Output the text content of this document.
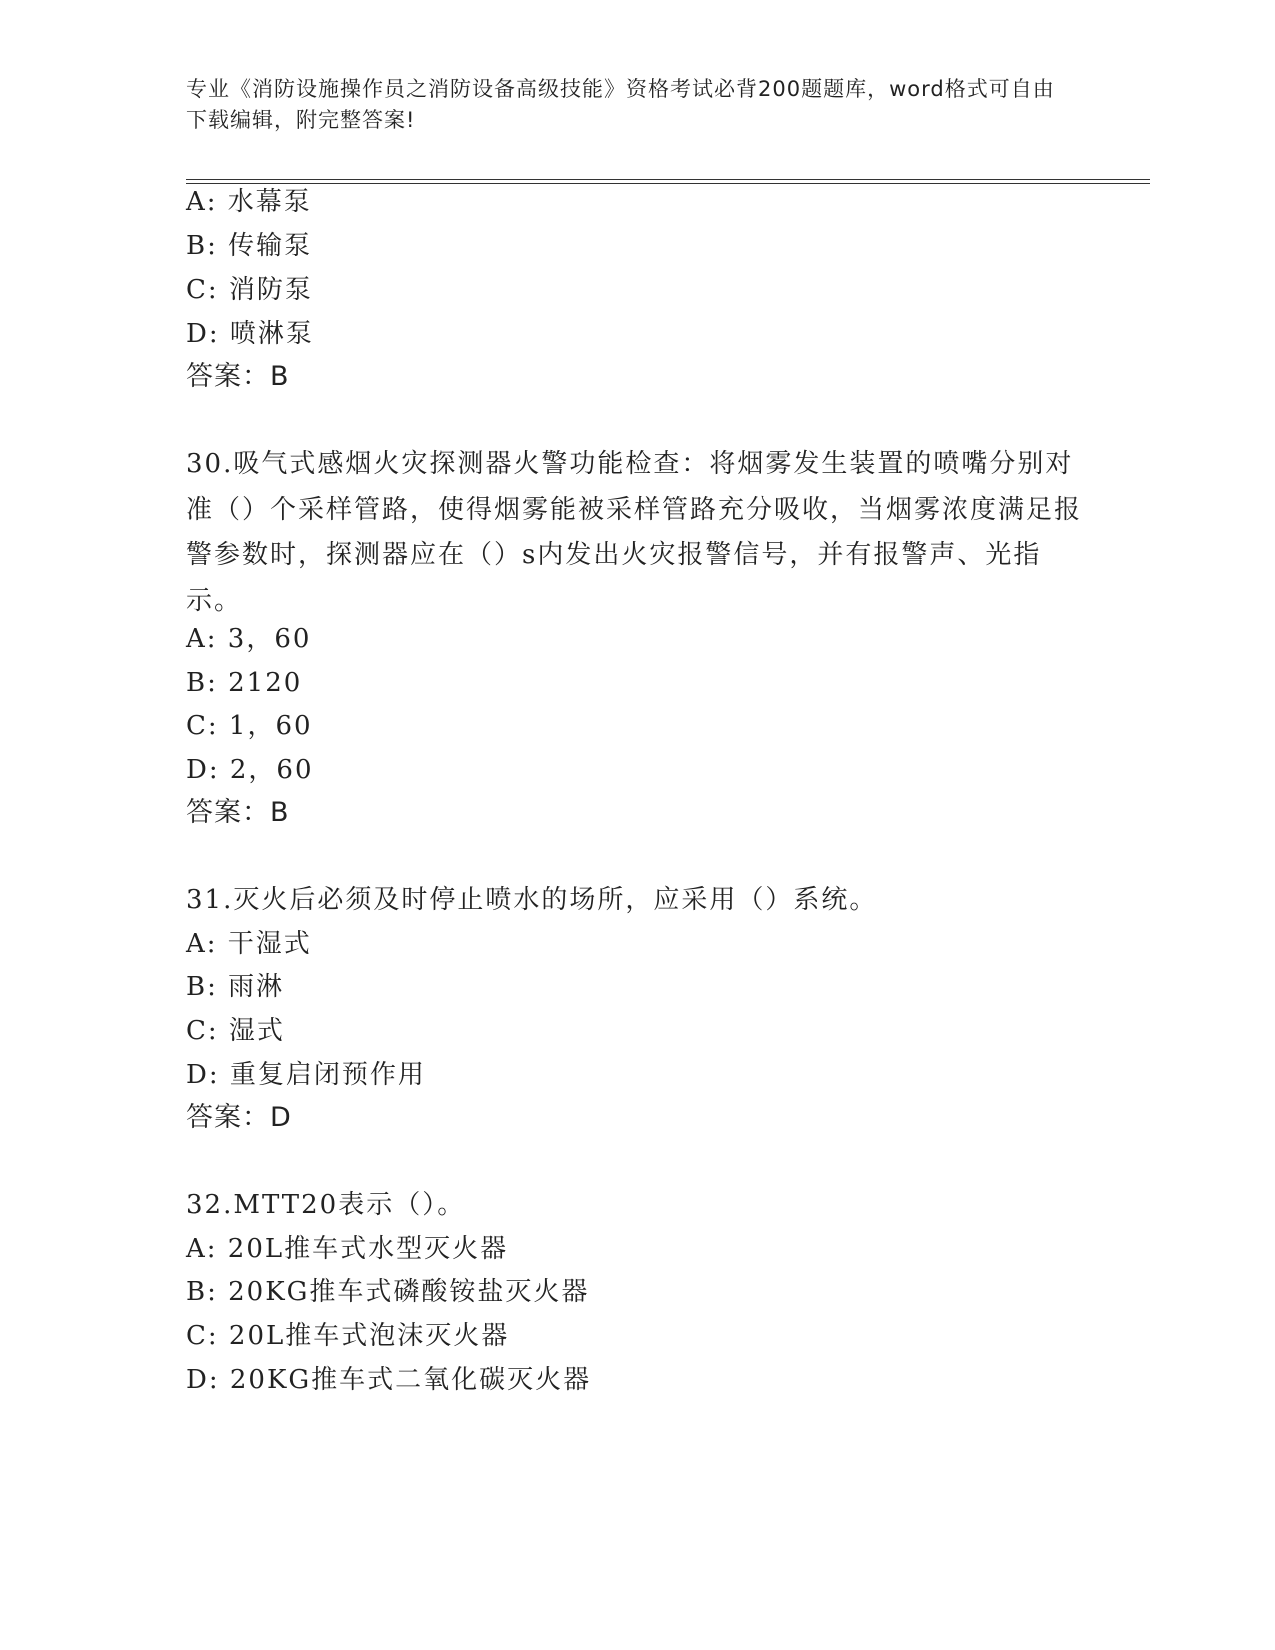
专业《消防设施操作员之消防设备高级技能》资格考试必背200题题库，word格式可自由下载编辑，附完整答案!
A: 水幕泵
B: 传输泵
C: 消防泵
D: 喷淋泵
答案：B
30.吸气式感烟火灾探测器火警功能检查：将烟雾发生装置的喷嘴分别对准（）个采样管路，使得烟雾能被采样管路充分吸收，当烟雾浓度满足报警参数时，探测器应在（）s内发出火灾报警信号，并有报警声、光指示。
A: 3，60
B: 2120
C: 1，60
D: 2，60
答案：B
31.灭火后必须及时停止喷水的场所，应采用（）系统。
A: 干湿式
B: 雨淋
C: 湿式
D: 重复启闭预作用
答案：D
32.MTT20表示（）。
A: 20L推车式水型灭火器
B: 20KG推车式磷酸铵盐灭火器
C: 20L推车式泡沫灭火器
D: 20KG推车式二氧化碳灭火器
